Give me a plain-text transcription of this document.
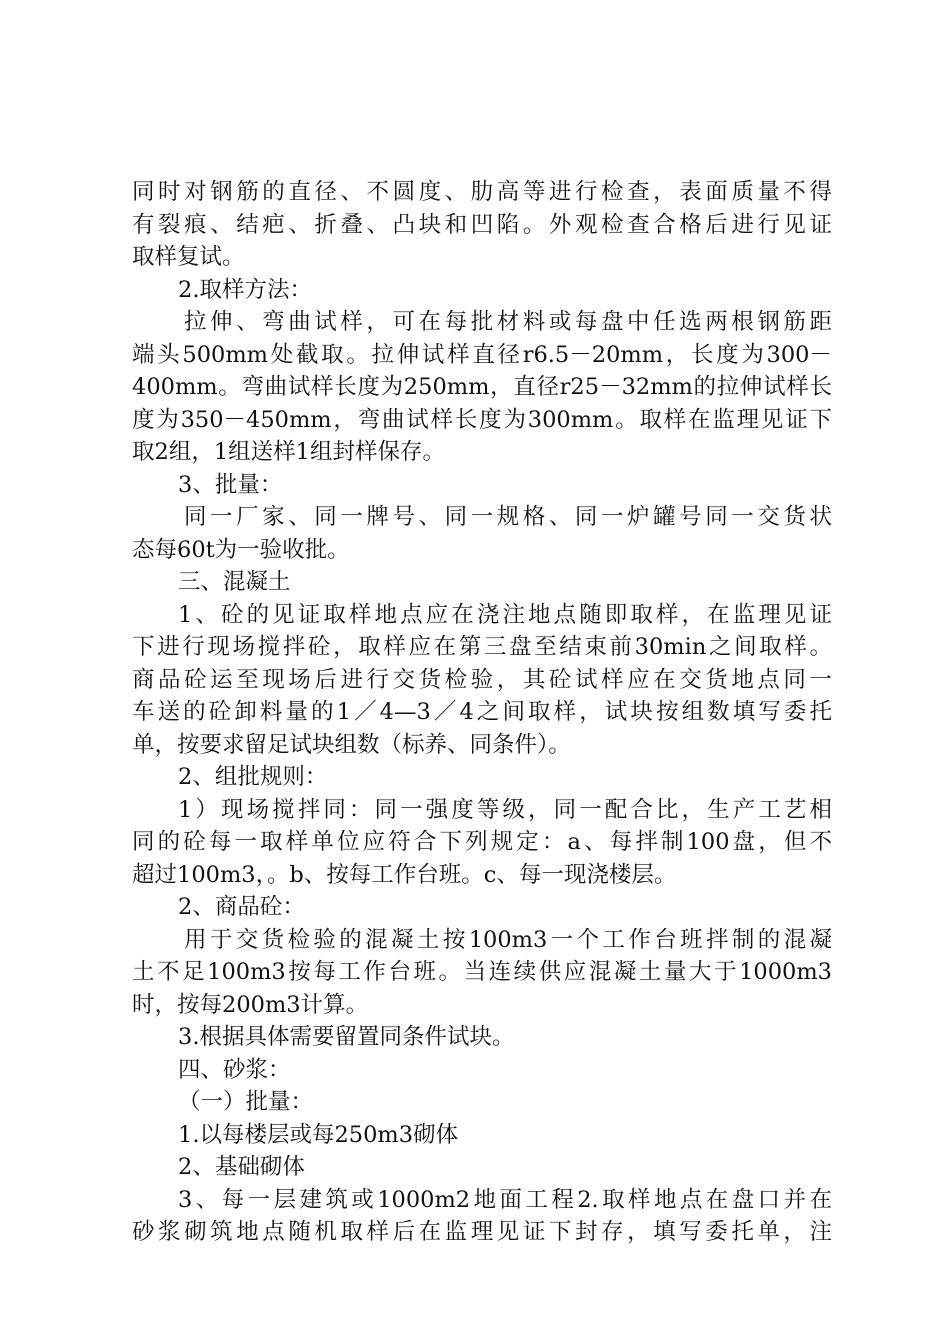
同时对钢筋的直径、不圆度、肋高等进行检查，表面质量不得
有裂痕、结疤、折叠、凸块和凹陷。外观检查合格后进行见证
取样复试。
2.取样方法：
拉伸、弯曲试样，可在每批材料或每盘中任选两根钢筋距
端头500mm处截取。拉伸试样直径r6.5－20mm，长度为300－
400mm。弯曲试样长度为250mm，直径r25－32mm的拉伸试样长
度为350－450mm，弯曲试样长度为300mm。取样在监理见证下
取2组，1组送样1组封样保存。
3、批量：
同一厂家、同一牌号、同一规格、同一炉罐号同一交货状
态每60t为一验收批。
三、混凝土
1、砼的见证取样地点应在浇注地点随即取样，在监理见证
下进行现场搅拌砼，取样应在第三盘至结束前30min之间取样。
商品砼运至现场后进行交货检验，其砼试样应在交货地点同一
车送的砼卸料量的1／4—3／4之间取样，试块按组数填写委托
单，按要求留足试块组数（标养、同条件）。
2、组批规则：
1）现场搅拌同：同一强度等级，同一配合比，生产工艺相
同的砼每一取样单位应符合下列规定：a、每拌制100盘，但不
超过100m3，。b、按每工作台班。c、每一现浇楼层。
2、商品砼：
用于交货检验的混凝土按100m3一个工作台班拌制的混凝
土不足100m3按每工作台班。当连续供应混凝土量大于1000m3
时，按每200m3计算。
3.根据具体需要留置同条件试块。
四、砂浆：
（一）批量：
1.以每楼层或每250m3砌体
2、基础砌体
3、每一层建筑或1000m2地面工程2.取样地点在盘口并在
砂浆砌筑地点随机取样后在监理见证下封存，填写委托单，注
